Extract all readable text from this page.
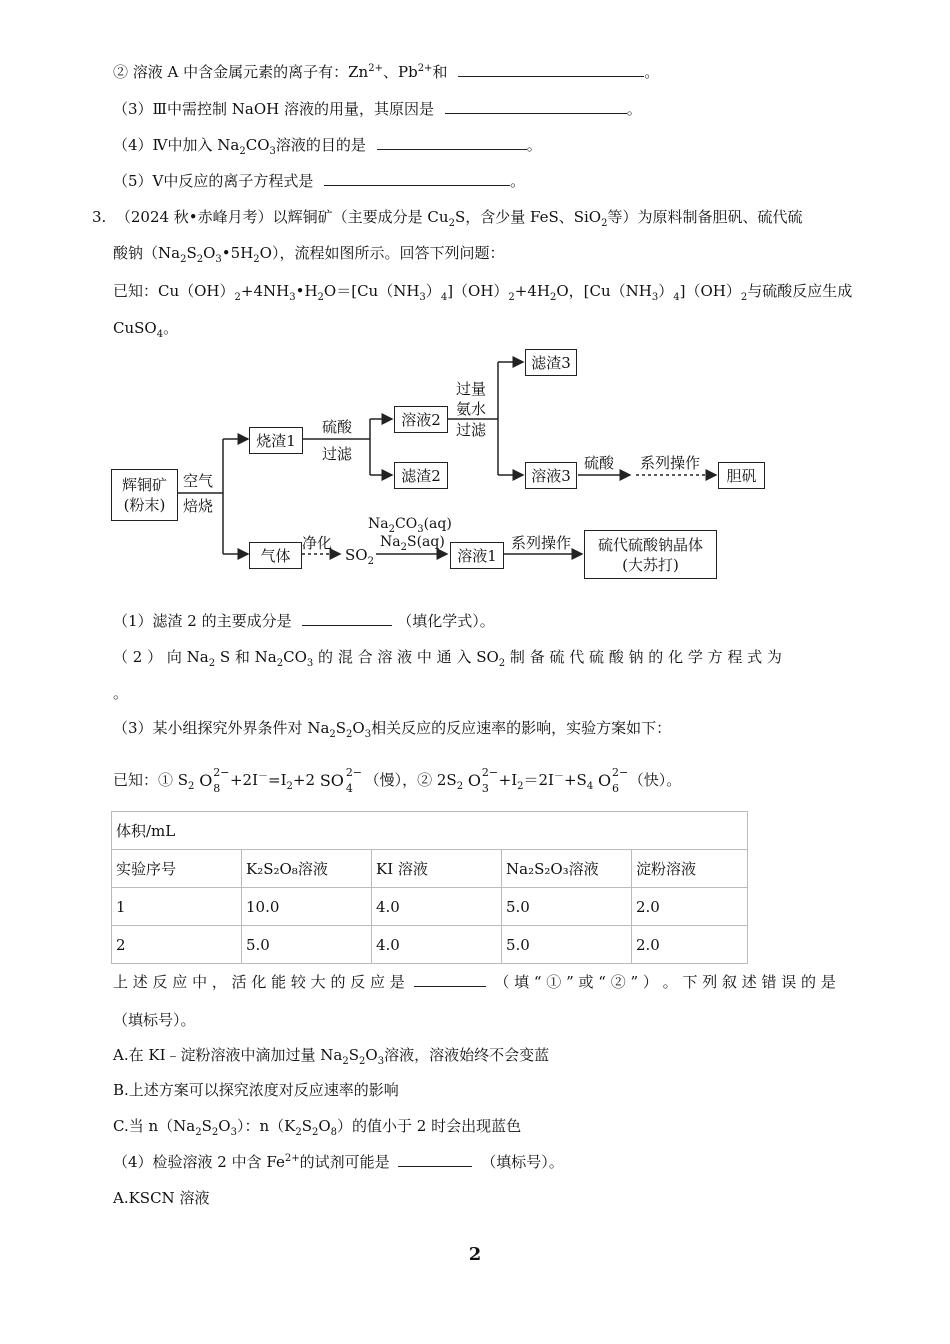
② 溶液 A 中含金属元素的离子有：$Zn^{2+}$、$Pb^{2+}$和	。
（3）Ⅲ中需控制 NaOH 溶液的用量，其原因是	。
（4）Ⅳ中加入 $Na_2CO_3$溶液的目的是	。
（5）Ⅴ中反应的离子方程式是	。
3. （2024 秋•赤峰月考）以辉铜矿（主要成分是 $Cu_2S$，含少量 FeS、SiO$_2$等）为原料制备胆矾、硫代硫
酸钠$(Na_2S_2O_3•5H_2O)$，流程如图所示。回答下列问题：
已知：$Cu(OH)_2+4NH_3•H_2O=[Cu(NH_3)_4](OH)_2+4H_2O$，$[Cu(NH_3)_4](OH)_2$与硫酸反应生成
CuSO$_4$。
辉铜矿
(粉末)
空气
焙烧
烧渣1
硫酸
过滤
溶液2
滤渣2
过量
氨水
过滤
滤渣3
溶液3
硫酸 系列操作
胆矾
气体
净化
$SO_2$
$Na_2CO_3(aq)$
$Na_2S(aq)$
溶液1
系列操作 硫代硫酸钠晶体
(大苏打)
（1）滤渣 2 的主要成分是	（填化学式）。
（ 2 ） 向 $Na_2$ S 和 $Na_2CO_3$ 的 混 合 溶 液 中 通 入 $SO_2$ 制 备 硫 代 硫 酸 钠 的 化 学 方 程 式 为
。
（3）某小组探究外界条件对 $Na_2S_2O_3$相关反应的反应速率的影响，实验方案如下：
已知：① $S_2$ O 2−
$8 +2I^-=I_2+2$ SO 2−
4 （慢），② $2S_2$ O 2−
$3 +I_2=2I^-+S_4$ O 2−
6 （快）。
体积/mL				
实验序号	K₂S₂O₈溶液	KI 溶液	Na₂S₂O₃溶液	淀粉溶液
1	10.0	4.0	5.0	2.0
2	5.0	4.0	5.0	2.0
上 述 反 应 中 ， 活 化 能 较 大 的 反 应 是	（ 填 “ ① ” 或 “ ② ” ） 。 下 列 叙 述 错 误 的 是
（填标号）。
A.在 KI﹣淀粉溶液中滴加过量 $Na_2S_2O_3$溶液，溶液始终不会变蓝
B.上述方案可以探究浓度对反应速率的影响
C.当 $n(Na_2S_2O_3)$：$n(K_2S_2O_8)$的值小于 2 时会出现蓝色
（4）检验溶液 2 中含 $Fe^{2+}$的试剂可能是	（填标号）。
A.KSCN 溶液
2
